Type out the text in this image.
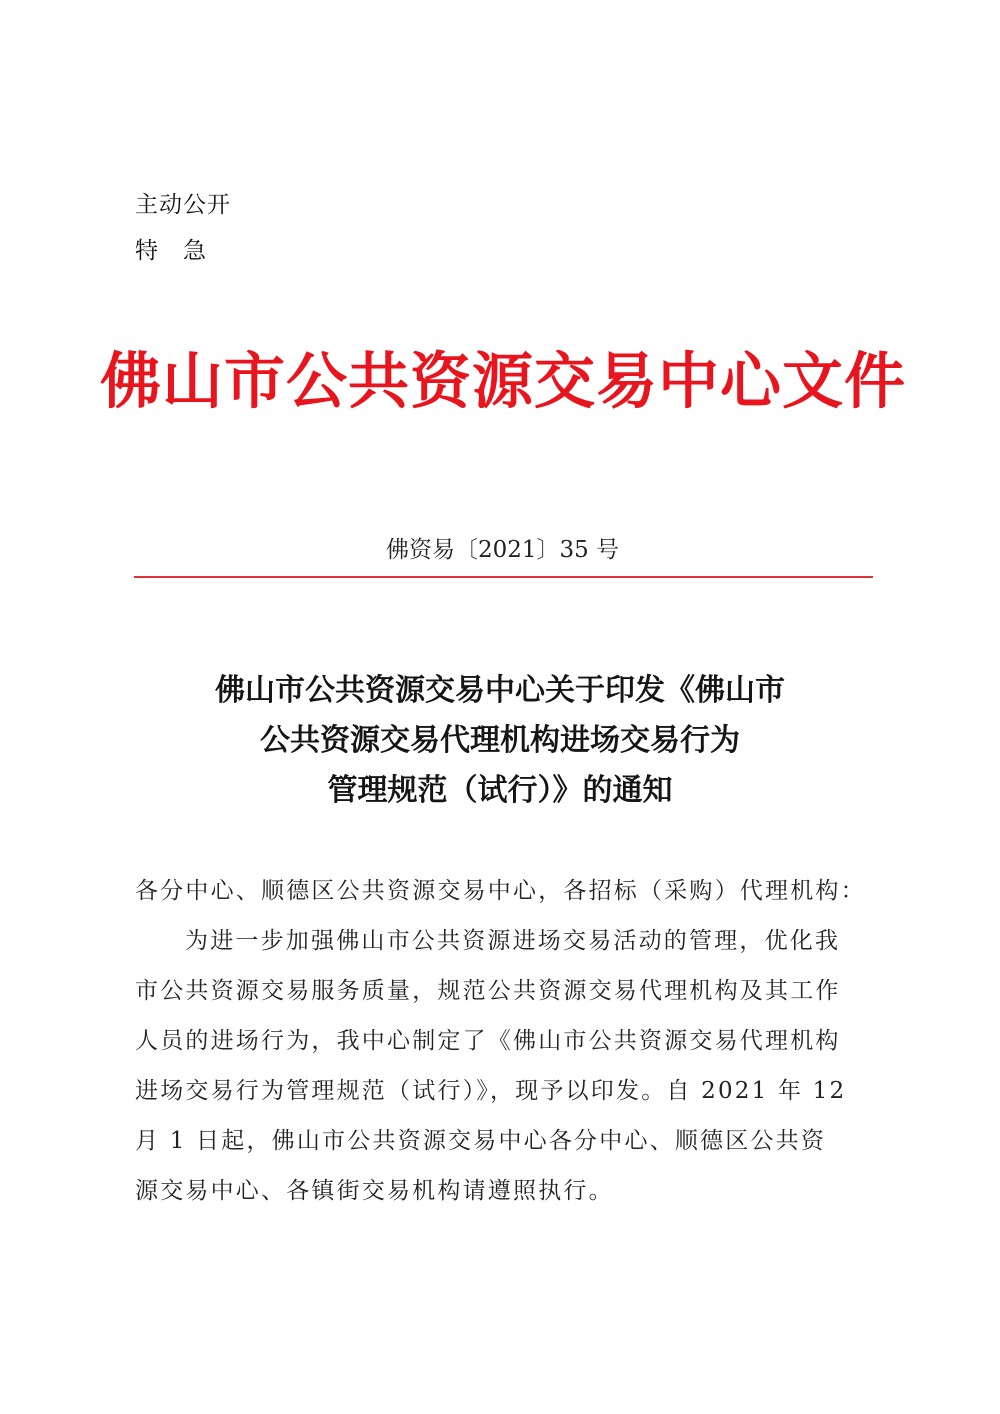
主动公开
特　急
佛山市公共资源交易中心文件
佛资易〔2021〕35 号
佛山市公共资源交易中心关于印发《佛山市
公共资源交易代理机构进场交易行为
管理规范（试行）》的通知
各分中心、顺德区公共资源交易中心，各招标（采购）代理机构：
为进一步加强佛山市公共资源进场交易活动的管理，优化我
市公共资源交易服务质量，规范公共资源交易代理机构及其工作
人员的进场行为，我中心制定了《佛山市公共资源交易代理机构
进场交易行为管理规范（试行）》，现予以印发。自 2021 年 12
月 1 日起，佛山市公共资源交易中心各分中心、顺德区公共资
源交易中心、各镇街交易机构请遵照执行。
